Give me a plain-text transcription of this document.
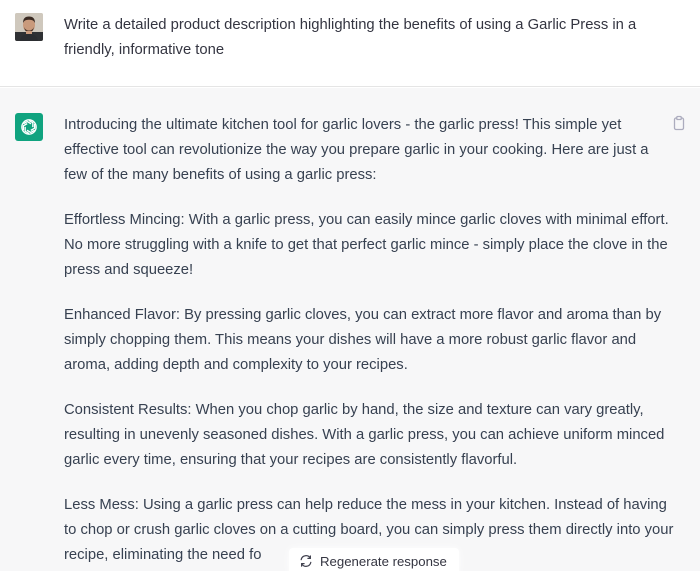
Write a detailed product description highlighting the benefits of using a Garlic Press in a friendly, informative tone

Introducing the ultimate kitchen tool for garlic lovers - the garlic press! This simple yet effective tool can revolutionize the way you prepare garlic in your cooking. Here are just a few of the many benefits of using a garlic press:

Effortless Mincing: With a garlic press, you can easily mince garlic cloves with minimal effort. No more struggling with a knife to get that perfect garlic mince - simply place the clove in the press and squeeze!

Enhanced Flavor: By pressing garlic cloves, you can extract more flavor and aroma than by simply chopping them. This means your dishes will have a more robust garlic flavor and aroma, adding depth and complexity to your recipes.

Consistent Results: When you chop garlic by hand, the size and texture can vary greatly, resulting in unevenly seasoned dishes. With a garlic press, you can achieve uniform minced garlic every time, ensuring that your recipes are consistently flavorful.

Less Mess: Using a garlic press can help reduce the mess in your kitchen. Instead of having to chop or crush garlic cloves on a cutting board, you can simply press them directly into your recipe, eliminating the need fo	Regenerate response
